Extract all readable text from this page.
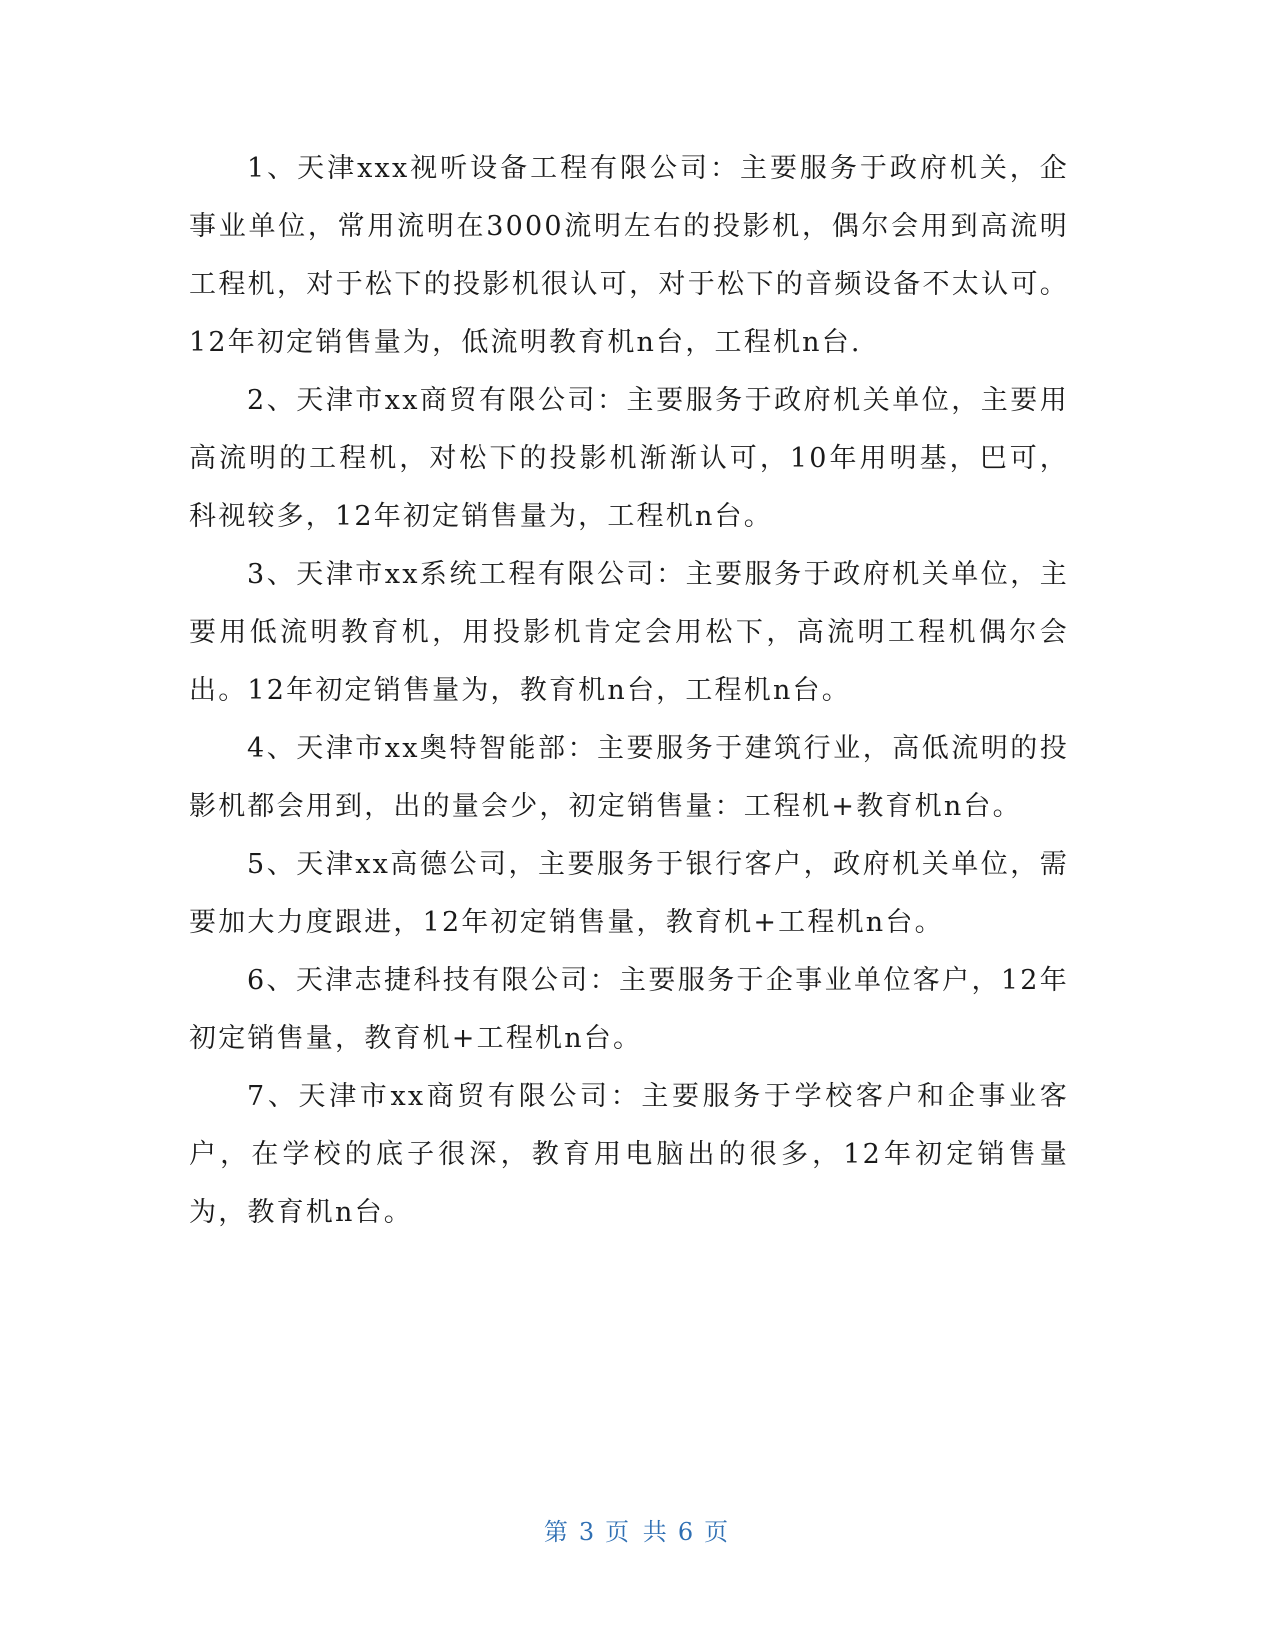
1、天津xxx视听设备工程有限公司：主要服务于政府机关，企事业单位，常用流明在3000流明左右的投影机，偶尔会用到高流明工程机，对于松下的投影机很认可，对于松下的音频设备不太认可。12年初定销售量为，低流明教育机n台，工程机n台.

2、天津市xx商贸有限公司：主要服务于政府机关单位，主要用高流明的工程机，对松下的投影机渐渐认可，10年用明基，巴可，科视较多，12年初定销售量为，工程机n台。

3、天津市xx系统工程有限公司：主要服务于政府机关单位，主要用低流明教育机，用投影机肯定会用松下，高流明工程机偶尔会出。12年初定销售量为，教育机n台，工程机n台。

4、天津市xx奥特智能部：主要服务于建筑行业，高低流明的投影机都会用到，出的量会少，初定销售量：工程机+教育机n台。

5、天津xx高德公司，主要服务于银行客户，政府机关单位，需要加大力度跟进，12年初定销售量，教育机+工程机n台。

6、天津志捷科技有限公司：主要服务于企事业单位客户，12年初定销售量，教育机+工程机n台。

7、天津市xx商贸有限公司：主要服务于学校客户和企事业客户，在学校的底子很深，教育用电脑出的很多，12年初定销售量为，教育机n台。

第 3 页 共 6 页
